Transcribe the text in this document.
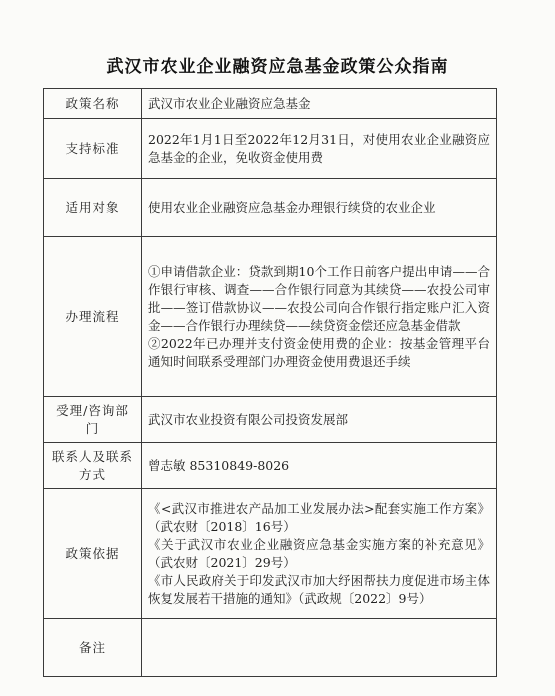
武汉市农业企业融资应急基金政策公众指南
政策名称	武汉市农业企业融资应急基金
支持标准	2022年1月1日至2022年12月31日，对使用农业企业融资应急基金的企业，免收资金使用费
适用对象	使用农业企业融资应急基金办理银行续贷的农业企业
办理流程	①申请借款企业：贷款到期10个工作日前客户提出申请——合作银行审核、调查——合作银行同意为其续贷——农投公司审批——签订借款协议——农投公司向合作银行指定账户汇入资金——合作银行办理续贷——续贷资金偿还应急基金借款
②2022年已办理并支付资金使用费的企业：按基金管理平台通知时间联系受理部门办理资金使用费退还手续

受理/咨询部门	武汉市农业投资有限公司投资发展部
联系人及联系方式	曾志敏 85310849-8026
政策依据	《<武汉市推进农产品加工业发展办法>配套实施工作方案》（武农财〔2018〕16号）
《关于武汉市农业企业融资应急基金实施方案的补充意见》（武农财〔2021〕29号）
《市人民政府关于印发武汉市加大纾困帮扶力度促进市场主体恢复发展若干措施的通知》（武政规〔2022〕9号）

备注	
